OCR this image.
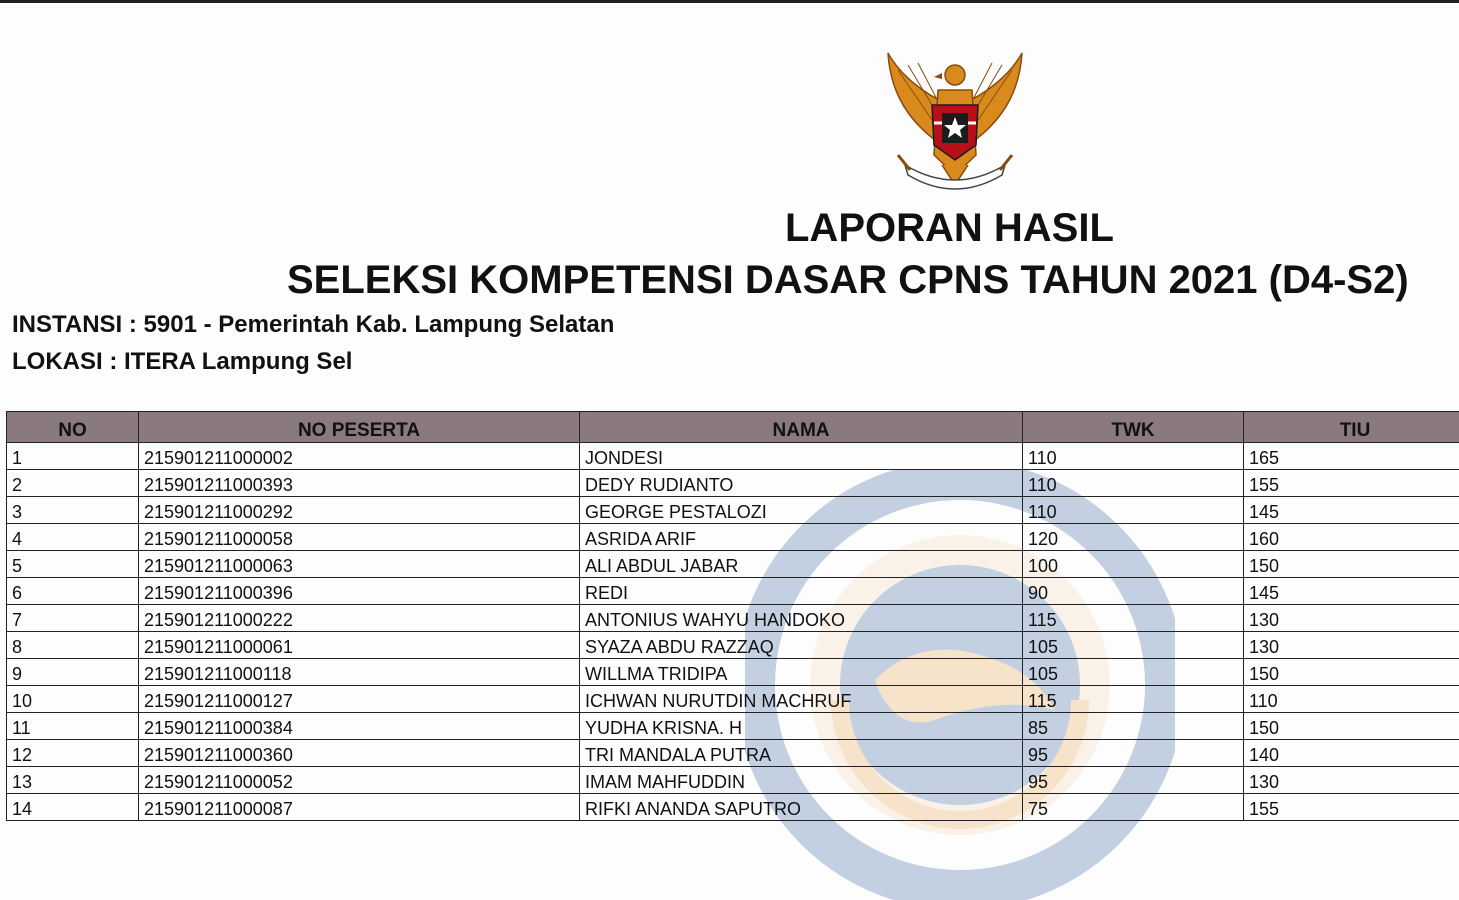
LAPORAN HASIL
SELEKSI KOMPETENSI DASAR CPNS TAHUN 2021 (D4-S2)
INSTANSI : 5901 - Pemerintah Kab. Lampung Selatan
LOKASI : ITERA Lampung Sel
NO	NO PESERTA	NAMA	TWK	TIU
1	215901211000002	JONDESI	110	165
2	215901211000393	DEDY RUDIANTO	110	155
3	215901211000292	GEORGE PESTALOZI	110	145
4	215901211000058	ASRIDA ARIF	120	160
5	215901211000063	ALI ABDUL JABAR	100	150
6	215901211000396	REDI	90	145
7	215901211000222	ANTONIUS WAHYU HANDOKO	115	130
8	215901211000061	SYAZA ABDU RAZZAQ	105	130
9	215901211000118	WILLMA TRIDIPA	105	150
10	215901211000127	ICHWAN NURUTDIN MACHRUF	115	110
11	215901211000384	YUDHA KRISNA. H	85	150
12	215901211000360	TRI MANDALA PUTRA	95	140
13	215901211000052	IMAM MAHFUDDIN	95	130
14	215901211000087	RIFKI ANANDA SAPUTRO	75	155
